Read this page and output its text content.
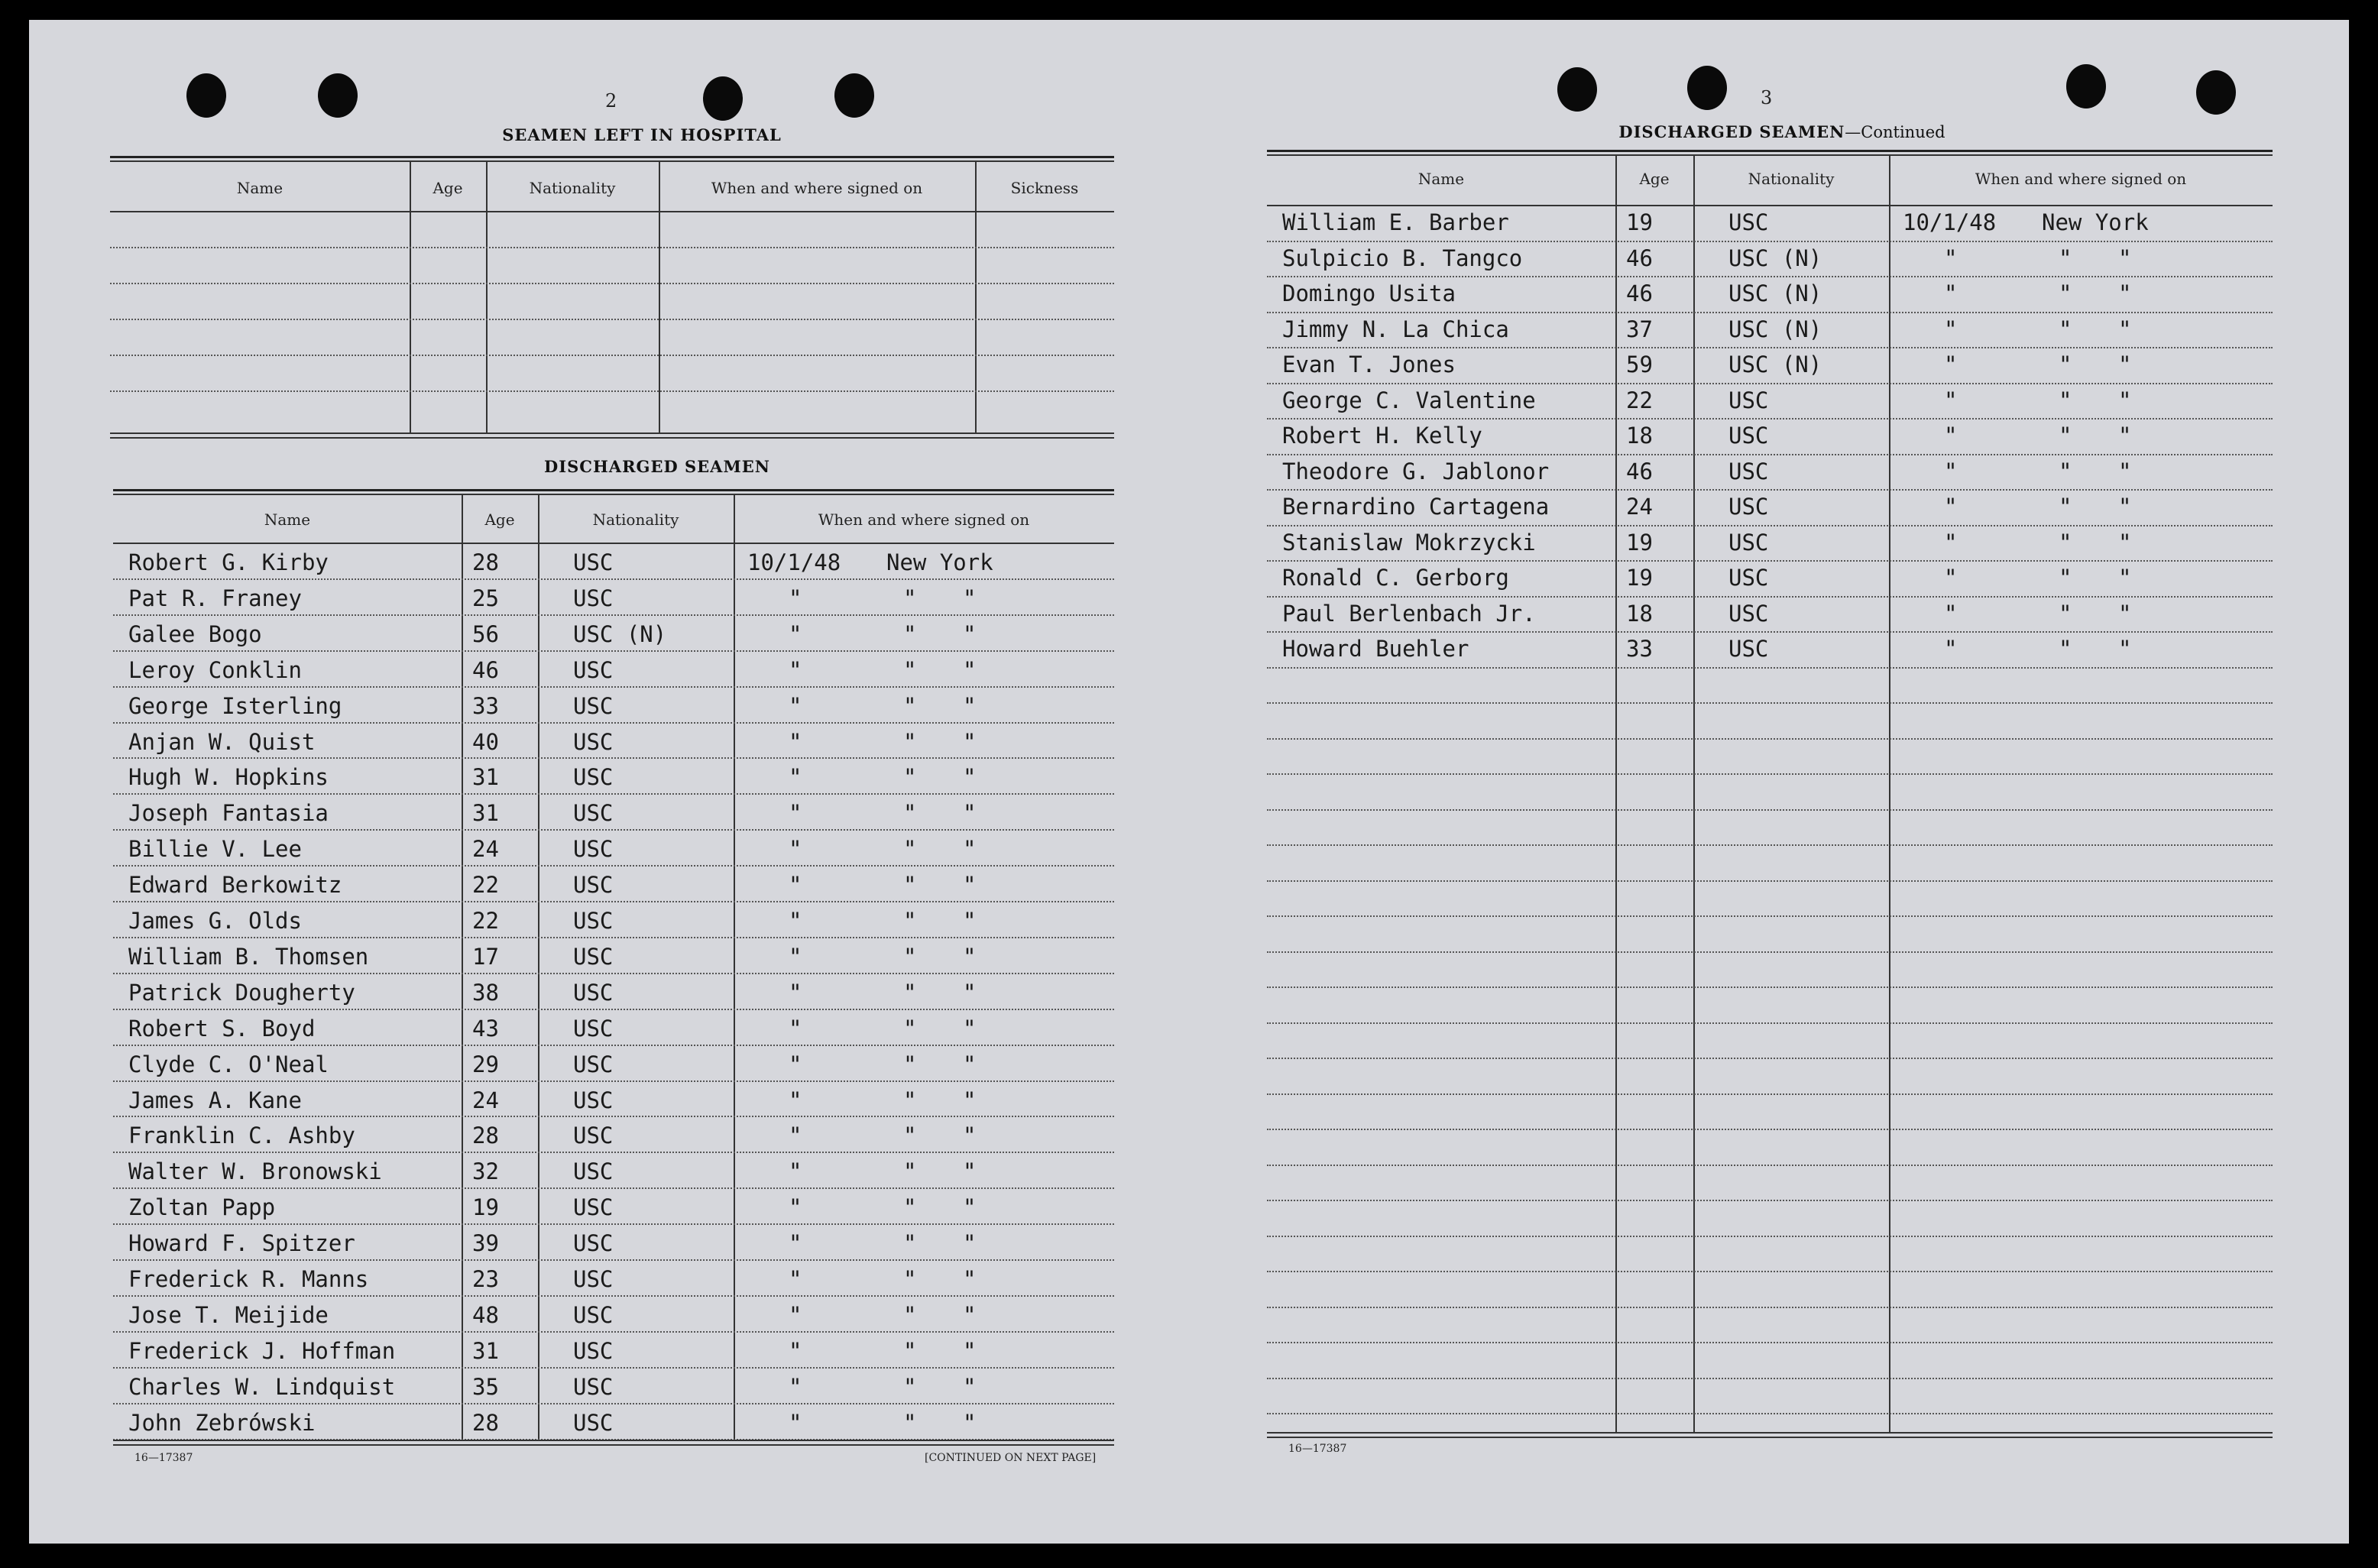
2
SEAMEN LEFT IN HOSPITAL
DISCHARGED SEAMEN
16—17387	[CONTINUED ON NEXT PAGE]
3
DISCHARGED SEAMEN—Continued
16—17387
Name	Age	Nationality	When and where signed on	Sickness
Name	Age	Nationality	When and where signed on
Robert G. Kirby	28	USC	10/1/48 New York
Pat R. Franey	25	USC	"	" "
Galee Bogo	56	USC (N)	"	" "
Leroy Conklin	46	USC	"	" "
George Isterling	33	USC	"	" "
Anjan W. Quist	40	USC	"	" "
Hugh W. Hopkins	31	USC	"	" "
Joseph Fantasia	31	USC	"	" "
Billie V. Lee	24	USC	"	" "
Edward Berkowitz	22	USC	"	" "
James G. Olds	22	USC	"	" "
William B. Thomsen	17	USC	"	" "
Patrick Dougherty	38	USC	"	" "
Robert S. Boyd	43	USC	"	" "
Clyde C. O'Neal	29	USC	"	" "
James A. Kane	24	USC	"	" "
Franklin C. Ashby	28	USC	"	" "
Walter W. Bronowski	32	USC	"	" "
Zoltan Papp	19	USC	"	" "
Howard F. Spitzer	39	USC	"	" "
Frederick R. Manns	23	USC	"	" "
Jose T. Meijide	48	USC	"	" "
Frederick J. Hoffman	31	USC	"	" "
Charles W. Lindquist	35	USC	"	" "
John Zebrówski	28	USC	"	" "
Name	Age	Nationality	When and where signed on
William E. Barber	19	USC	10/1/48 New York
Sulpicio B. Tangco	46	USC (N)	"	" "
Domingo Usita	46	USC (N)	"	" "
Jimmy N. La Chica	37	USC (N)	"	" "
Evan T. Jones	59	USC (N)	"	" "
George C. Valentine	22	USC	"	" "
Robert H. Kelly	18	USC	"	" "
Theodore G. Jablonor	46	USC	"	" "
Bernardino Cartagena	24	USC	"	" "
Stanislaw Mokrzycki	19	USC	"	" "
Ronald C. Gerborg	19	USC	"	" "
Paul Berlenbach Jr.	18	USC	"	" "
Howard Buehler	33	USC	"	" "
